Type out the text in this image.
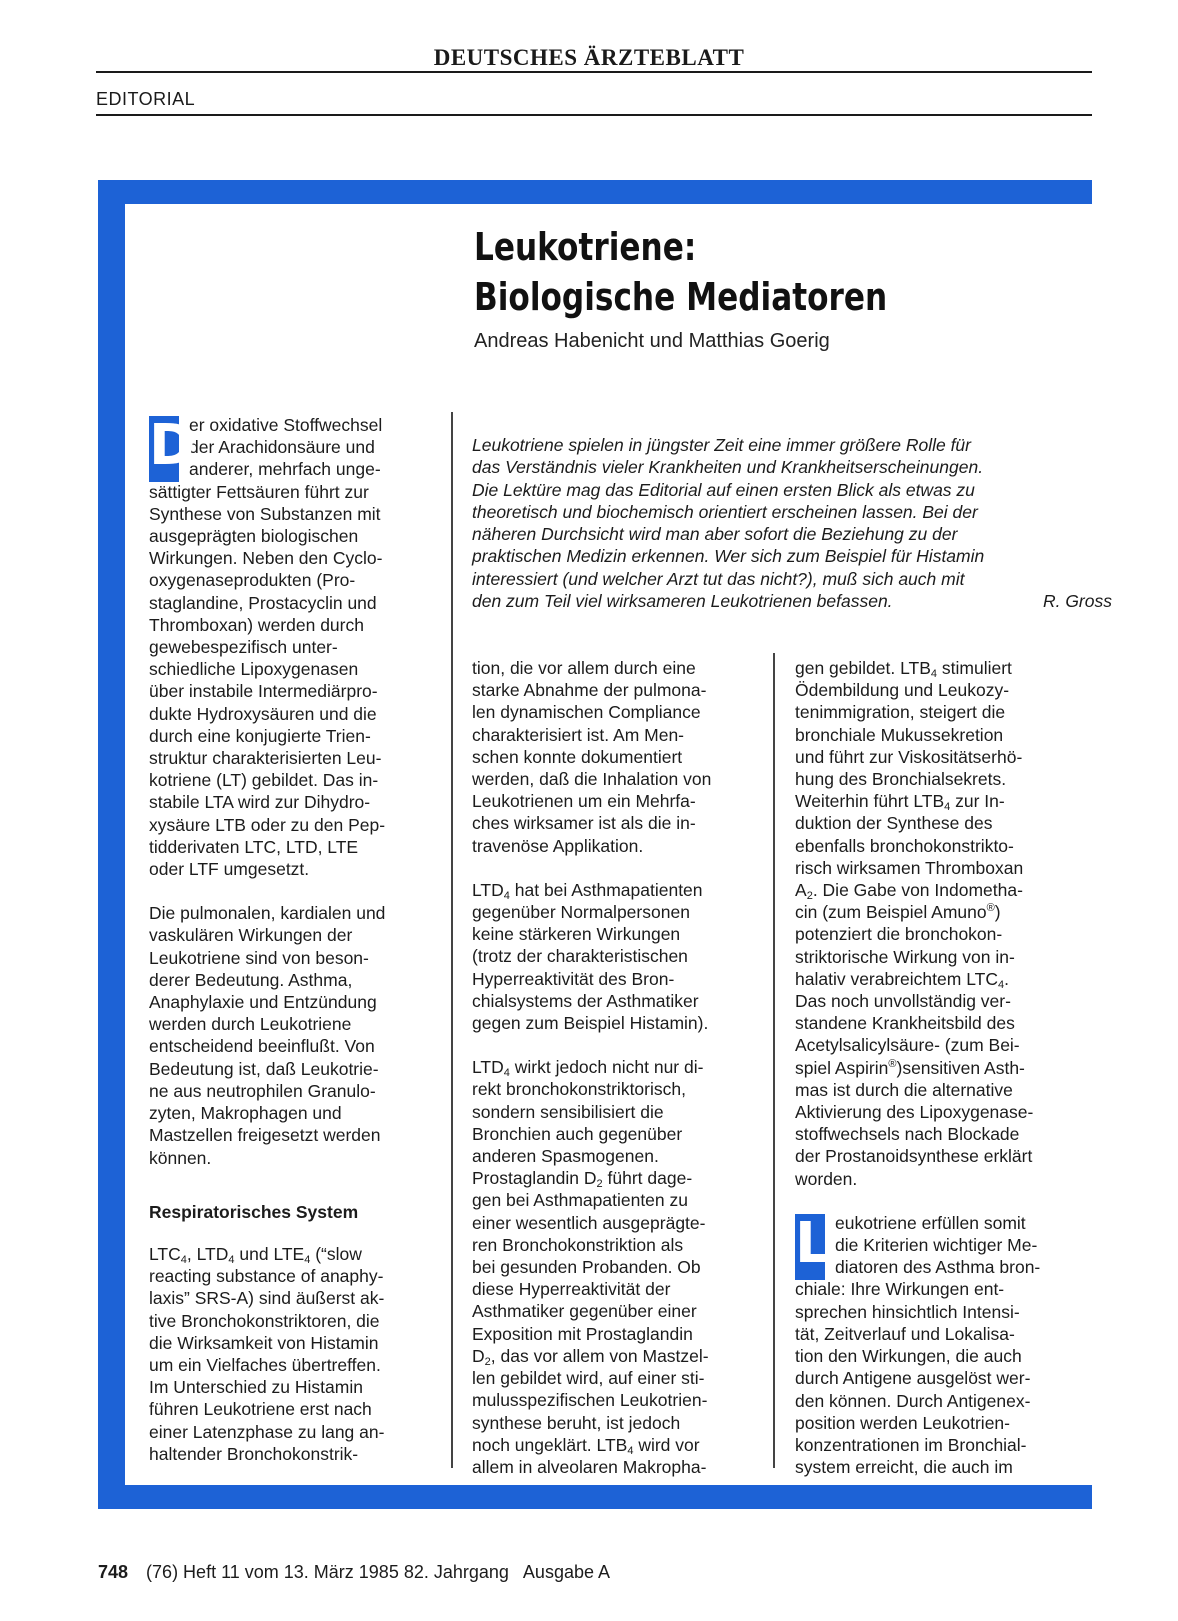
DEUTSCHES ÄRZTEBLATT
EDITORIAL
Leukotriene:
Biologische Mediatoren
Andreas Habenicht und Matthias Goerig
Leukotriene spielen in jüngster Zeit eine immer größere Rolle für
das Verständnis vieler Krankheiten und Krankheitserscheinungen.
Die Lektüre mag das Editorial auf einen ersten Blick als etwas zu
theoretisch und biochemisch orientiert erscheinen lassen. Bei der
näheren Durchsicht wird man aber sofort die Beziehung zu der
praktischen Medizin erkennen. Wer sich zum Beispiel für Histamin
interessiert (und welcher Arzt tut das nicht?), muß sich auch mit
den zum Teil viel wirksameren Leukotrienen befassen.	R. Gross
D
er oxidative Stoffwechsel
der Arachidonsäure und
anderer, mehrfach unge-
sättigter Fettsäuren führt zur
Synthese von Substanzen mit
ausgeprägten biologischen
Wirkungen. Neben den Cyclo-
oxygenaseprodukten (Pro-
staglandine, Prostacyclin und
Thromboxan) werden durch
gewebespezifisch unter-
schiedliche Lipoxygenasen
über instabile Intermediärpro-
dukte Hydroxysäuren und die
durch eine konjugierte Trien-
struktur charakterisierten Leu-
kotriene (LT) gebildet. Das in-
stabile LTA wird zur Dihydro-
xysäure LTB oder zu den Pep-
tidderivaten LTC, LTD, LTE
oder LTF umgesetzt.
Die pulmonalen, kardialen und
vaskulären Wirkungen der
Leukotriene sind von beson-
derer Bedeutung. Asthma,
Anaphylaxie und Entzündung
werden durch Leukotriene
entscheidend beeinflußt. Von
Bedeutung ist, daß Leukotrie-
ne aus neutrophilen Granulo-
zyten, Makrophagen und
Mastzellen freigesetzt werden
können.
Respiratorisches System
$LTC_4$, $LTD_4$ und $LTE_4$ (“slow
reacting substance of anaphy-
laxis” SRS-A) sind äußerst ak-
tive Bronchokonstriktoren, die
die Wirksamkeit von Histamin
um ein Vielfaches übertreffen.
Im Unterschied zu Histamin
führen Leukotriene erst nach
einer Latenzphase zu lang an-
haltender Bronchokonstrik-
tion, die vor allem durch eine
starke Abnahme der pulmona-
len dynamischen Compliance
charakterisiert ist. Am Men-
schen konnte dokumentiert
werden, daß die Inhalation von
Leukotrienen um ein Mehrfa-
ches wirksamer ist als die in-
travenöse Applikation.
$LTD_4$ hat bei Asthmapatienten
gegenüber Normalpersonen
keine stärkeren Wirkungen
(trotz der charakteristischen
Hyperreaktivität des Bron-
chialsystems der Asthmatiker
gegen zum Beispiel Histamin).
$LTD_4$ wirkt jedoch nicht nur di-
rekt bronchokonstriktorisch,
sondern sensibilisiert die
Bronchien auch gegenüber
anderen Spasmogenen.
Prostaglandin $D_2$ führt dage-
gen bei Asthmapatienten zu
einer wesentlich ausgeprägte-
ren Bronchokonstriktion als
bei gesunden Probanden. Ob
diese Hyperreaktivität der
Asthmatiker gegenüber einer
Exposition mit Prostaglandin
$D_2$, das vor allem von Mastzel-
len gebildet wird, auf einer sti-
mulusspezifischen Leukotrien-
synthese beruht, ist jedoch
noch ungeklärt. $LTB_4$ wird vor
allem in alveolaren Makropha-
gen gebildet. $LTB_4$ stimuliert
Ödembildung und Leukozy-
tenimmigration, steigert die
bronchiale Mukussekretion
und führt zur Viskositätserhö-
hung des Bronchialsekrets.
Weiterhin führt $LTB_4$ zur In-
duktion der Synthese des
ebenfalls bronchokonstrikto-
risch wirksamen Thromboxan
$A_2$. Die Gabe von Indometha-
cin (zum Beispiel Amuno®)
potenziert die bronchokon-
striktorische Wirkung von in-
halativ verabreichtem $LTC_4$.
Das noch unvollständig ver-
standene Krankheitsbild des
Acetylsalicylsäure- (zum Bei-
spiel Aspirin®)sensitiven Asth-
mas ist durch die alternative
Aktivierung des Lipoxygenase-
stoffwechsels nach Blockade
der Prostanoidsynthese erklärt
worden.
L eukotriene erfüllen somit
die Kriterien wichtiger Me-
diatoren des Asthma bron-
chiale: Ihre Wirkungen ent-
sprechen hinsichtlich Intensi-
tät, Zeitverlauf und Lokalisa-
tion den Wirkungen, die auch
durch Antigene ausgelöst wer-
den können. Durch Antigenex-
position werden Leukotrien-
konzentrationen im Bronchial-
system erreicht, die auch im
748 (76) Heft 11 vom 13. März 1985 82. Jahrgang   Ausgabe A
